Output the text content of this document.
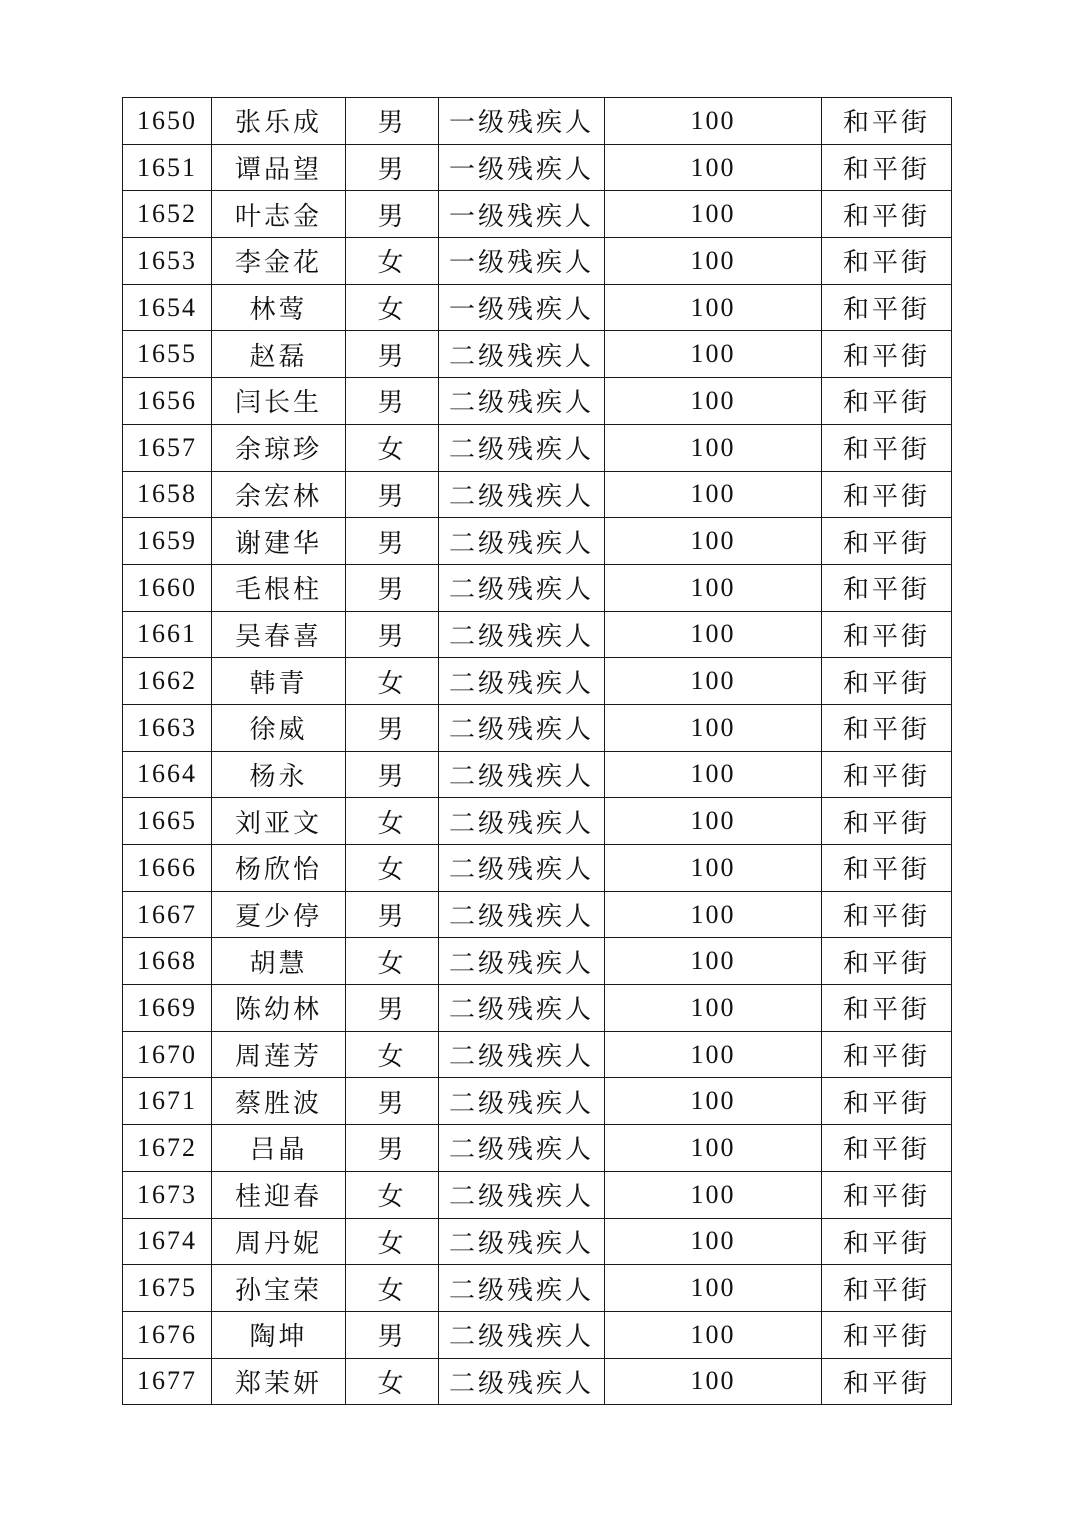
1650	张乐成	男	一级残疾人	100	和平街
1651	谭品望	男	一级残疾人	100	和平街
1652	叶志金	男	一级残疾人	100	和平街
1653	李金花	女	一级残疾人	100	和平街
1654	林莺	女	一级残疾人	100	和平街
1655	赵磊	男	二级残疾人	100	和平街
1656	闫长生	男	二级残疾人	100	和平街
1657	余琼珍	女	二级残疾人	100	和平街
1658	余宏林	男	二级残疾人	100	和平街
1659	谢建华	男	二级残疾人	100	和平街
1660	毛根柱	男	二级残疾人	100	和平街
1661	吴春喜	男	二级残疾人	100	和平街
1662	韩青	女	二级残疾人	100	和平街
1663	徐威	男	二级残疾人	100	和平街
1664	杨永	男	二级残疾人	100	和平街
1665	刘亚文	女	二级残疾人	100	和平街
1666	杨欣怡	女	二级残疾人	100	和平街
1667	夏少停	男	二级残疾人	100	和平街
1668	胡慧	女	二级残疾人	100	和平街
1669	陈幼林	男	二级残疾人	100	和平街
1670	周莲芳	女	二级残疾人	100	和平街
1671	蔡胜波	男	二级残疾人	100	和平街
1672	吕晶	男	二级残疾人	100	和平街
1673	桂迎春	女	二级残疾人	100	和平街
1674	周丹妮	女	二级残疾人	100	和平街
1675	孙宝荣	女	二级残疾人	100	和平街
1676	陶坤	男	二级残疾人	100	和平街
1677	郑茉妍	女	二级残疾人	100	和平街
